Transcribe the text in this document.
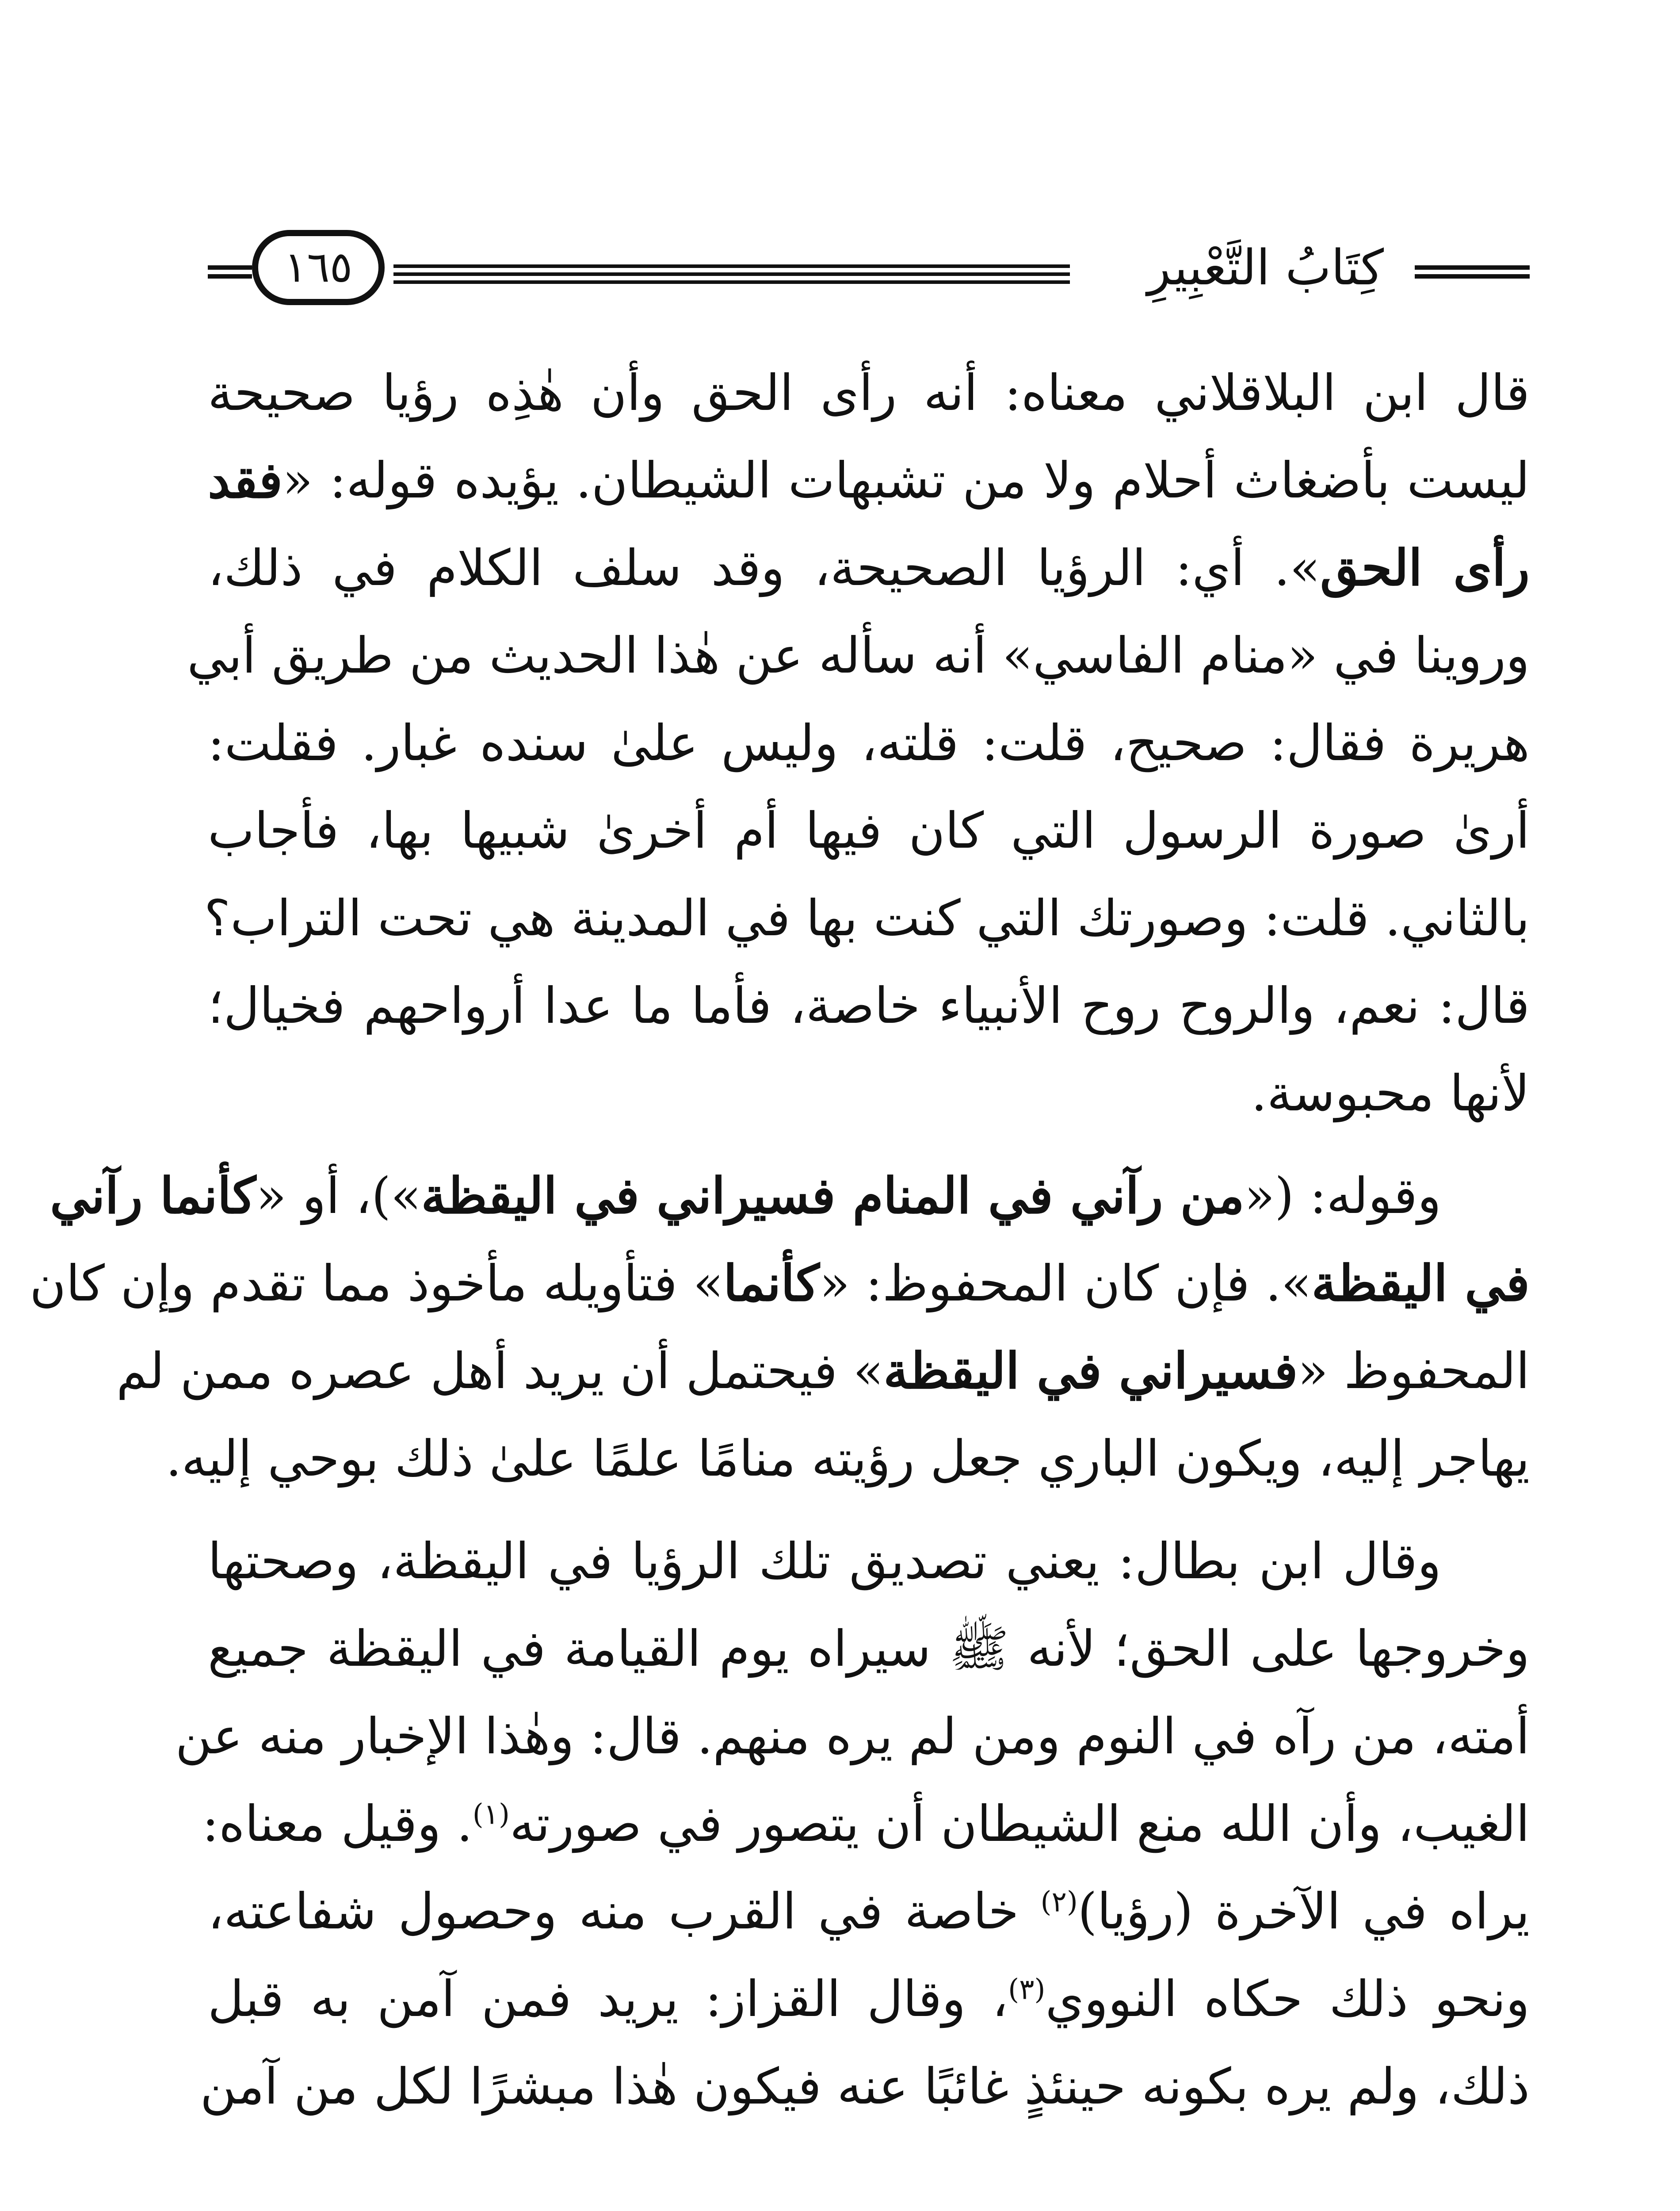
كِتَابُ التَّعْبِيرِ
١٦٥

قال ابن البلاقلاني معناه: أنه رأى الحق وأن هٰذِه رؤيا صحيحة
ليست بأضغاث أحلام ولا من تشبهات الشيطان. يؤيده قوله: «فقد
رأى الحق». أي: الرؤيا الصحيحة، وقد سلف الكلام في ذلك،
وروينا في «منام الفاسي» أنه سأله عن هٰذا الحديث من طريق أبي
هريرة فقال: صحيح، قلت: قلته، وليس علىٰ سنده غبار. فقلت:
أرىٰ صورة الرسول التي كان فيها أم أخرىٰ شبيها بها، فأجاب
بالثاني. قلت: وصورتك التي كنت بها في المدينة هي تحت التراب؟
قال: نعم، والروح روح الأنبياء خاصة، فأما ما عدا أرواحهم فخيال؛
لأنها محبوسة.

وقوله: («من رآني في المنام فسيراني في اليقظة»)، أو «كأنما رآني
في اليقظة». فإن كان المحفوظ: «كأنما» فتأويله مأخوذ مما تقدم وإن كان
المحفوظ «فسيراني في اليقظة» فيحتمل أن يريد أهل عصره ممن لم
يهاجر إليه، ويكون الباري جعل رؤيته منامًا علمًا علىٰ ذلك بوحي إليه.

وقال ابن بطال: يعني تصديق تلك الرؤيا في اليقظة، وصحتها
وخروجها على الحق؛ لأنه ﷺ سيراه يوم القيامة في اليقظة جميع
أمته، من رآه في النوم ومن لم يره منهم. قال: وهٰذا الإخبار منه عن
الغيب، وأن الله منع الشيطان أن يتصور في صورته$^{(١)}$. وقيل معناه:
يراه في الآخرة (رؤيا)$^{(٢)}$ خاصة في القرب منه وحصول شفاعته،
ونحو ذلك حكاه النووي$^{(٣)}$، وقال القزاز: يريد فمن آمن به قبل
ذلك، ولم يره بكونه حينئذٍ غائبًا عنه فيكون هٰذا مبشرًا لكل من آمن
